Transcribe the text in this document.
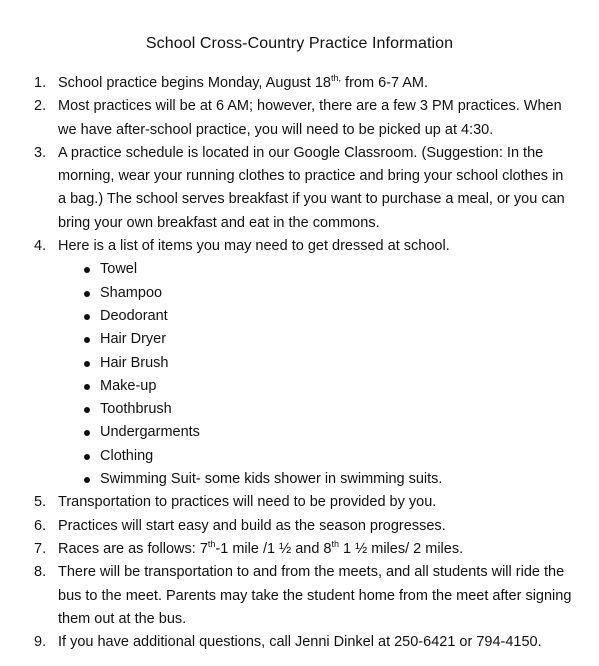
School Cross-Country Practice Information
1. School practice begins Monday, August $18^{th,}$ from 6-7 AM.
2. Most practices will be at 6 AM; however, there are a few 3 PM practices. When we have after-school practice, you will need to be picked up at 4:30.
3. A practice schedule is located in our Google Classroom. (Suggestion: In the morning, wear your running clothes to practice and bring your school clothes in a bag.) The school serves breakfast if you want to purchase a meal, or you can bring your own breakfast and eat in the commons.
4. Here is a list of items you may need to get dressed at school.
Towel
Shampoo
Deodorant
Hair Dryer
Hair Brush
Make-up
Toothbrush
Undergarments
Clothing
Swimming Suit- some kids shower in swimming suits.
5. Transportation to practices will need to be provided by you.
6. Practices will start easy and build as the season progresses.
7. Races are as follows: 7th-1 mile /1 ½ and 8th 1 ½ miles/ 2 miles.
8. There will be transportation to and from the meets, and all students will ride the bus to the meet. Parents may take the student home from the meet after signing them out at the bus.
9. If you have additional questions, call Jenni Dinkel at 250-6421 or 794-4150.
